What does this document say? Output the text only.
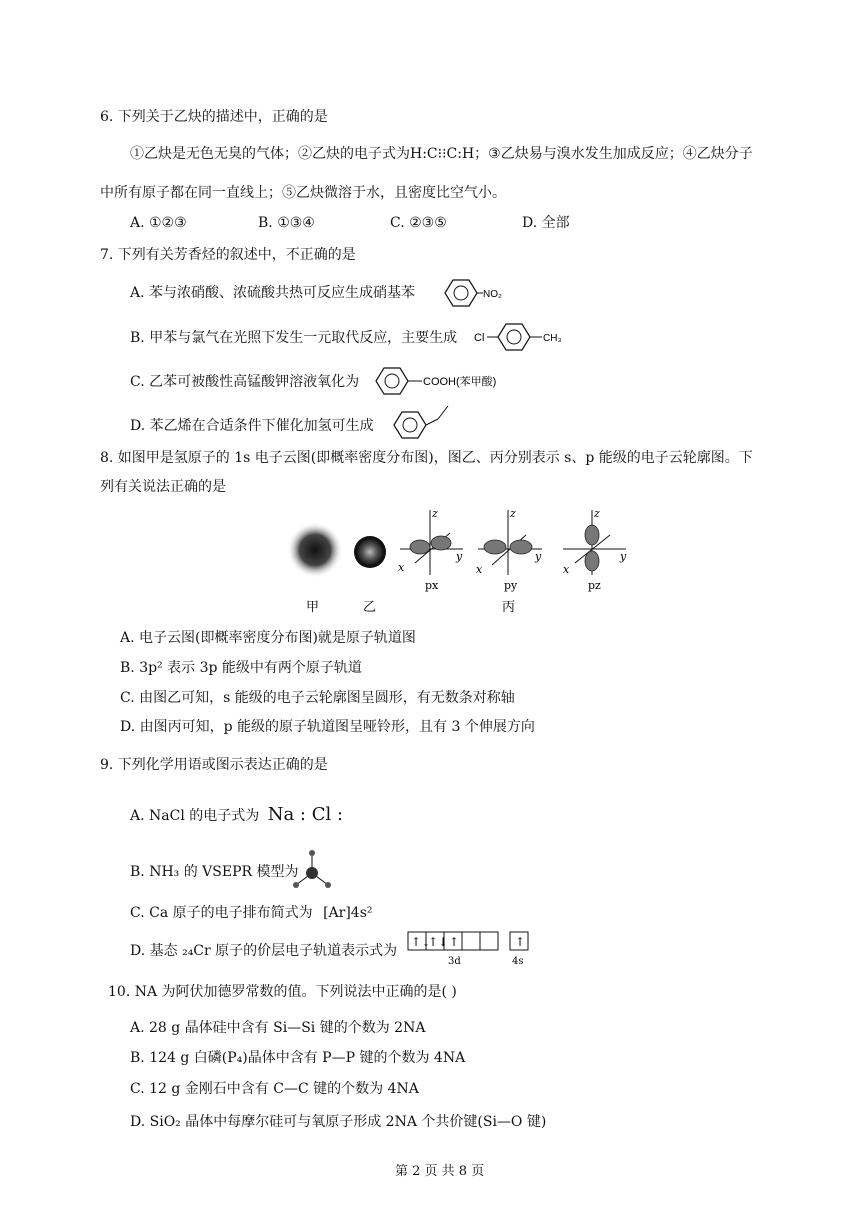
6. 下列关于乙炔的描述中，正确的是
①乙炔是无色无臭的气体；②乙炔的电子式为H:C⁝⁝C:H；③乙炔易与溴水发生加成反应；④乙炔分子
中所有原子都在同一直线上；⑤乙炔微溶于水，且密度比空气小。
A. ①②③	B. ①③④	C. ②③⑤	D. 全部
7. 下列有关芳香烃的叙述中，不正确的是
A. 苯与浓硝酸、浓硫酸共热可反应生成硝基苯	NO₂
B. 甲苯与氯气在光照下发生一元取代反应，主要生成 Cl	CH₃
C. 乙苯可被酸性高锰酸钾溶液氧化为	COOH(苯甲酸)
D. 苯乙烯在合适条件下催化加氢可生成
8. 如图甲是氢原子的 1s 电子云图(即概率密度分布图)，图乙、丙分别表示 s、p 能级的电子云轮廓图。下
列有关说法正确的是
z
y
x
px
z
y
x
py
z
y
x
pz
甲	乙	丙
A. 电子云图(即概率密度分布图)就是原子轨道图
B. 3p² 表示 3p 能级中有两个原子轨道
C. 由图乙可知，s 能级的电子云轮廓图呈圆形，有无数条对称轴
D. 由图丙可知，p 能级的原子轨道图呈哑铃形，且有 3 个伸展方向
9. 下列化学用语或图示表达正确的是
A. NaCl 的电子式为 Na : Cl :
B. NH₃ 的 VSEPR 模型为
C. Ca 原子的电子排布简式为 [Ar]4s²
D. 基态 ₂₄Cr 原子的价层电子轨道表示式为
↑↓
↑↓ ↑	↑
3d	4s
10. NA 为阿伏加德罗常数的值。下列说法中正确的是( )
A. 28 g 晶体硅中含有 Si—Si 键的个数为 2NA
B. 124 g 白磷(P₄)晶体中含有 P—P 键的个数为 4NA
C. 12 g 金刚石中含有 C—C 键的个数为 4NA
D. SiO₂ 晶体中每摩尔硅可与氧原子形成 2NA 个共价键(Si—O 键)
第 2 页 共 8 页
